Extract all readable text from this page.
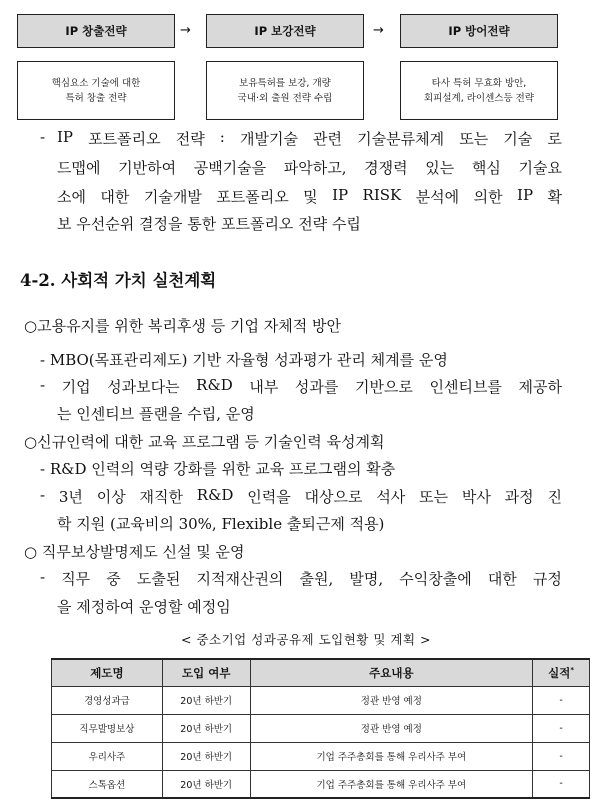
IP 창출전략
핵심요소 기술에 대한
특허 창출 전략
→	IP 보강전략
보유특허를 보강, 개량
국내·외 출원 전략 수립
→	IP 방어전략
타사 특허 무효화 방안,
회피설계, 라이센스등 전략
- IP 포트폴리오 전략 : 개발기술 관련 기술분류체계 또는 기술 로
드맵에 기반하여 공백기술을 파악하고, 경쟁력 있는 핵심 기술요
소에 대한 기술개발 포트폴리오 및 IP RISK 분석에 의한 IP 확
보 우선순위 결정을 통한 포트폴리오 전략 수립
4-2. 사회적 가치 실천계획
○고용유지를 위한 복리후생 등 기업 자체적 방안
- MBO(목표관리제도) 기반 자율형 성과평가 관리 체계를 운영
- 기업 성과보다는 R&D 내부 성과를 기반으로 인센티브를 제공하
는 인센티브 플랜을 수립, 운영
○신규인력에 대한 교육 프로그램 등 기술인력 육성계획
- R&D 인력의 역량 강화를 위한 교육 프로그램의 확충
- 3년 이상 재직한 R&D 인력을 대상으로 석사 또는 박사 과정 진
학 지원 (교육비의 30%, Flexible 출퇴근제 적용)
○ 직무보상발명제도 신설 및 운영
- 직무 중 도출된 지적재산권의 출원, 발명, 수익창출에 대한 규정
을 제정하여 운영할 예정임
< 중소기업 성과공유제 도입현황 및 계획 >
제도명	도입 여부	주요내용	실적*
경영성과급	20년 하반기	정관 반영 예정	-
직무발명보상	20년 하반기	정관 반영 예정	-
우리사주	20년 하반기	기업 주주총회를 통해 우리사주 부여	-
스톡옵션	20년 하반기	기업 주주총회를 통해 우리사주 부여	-
